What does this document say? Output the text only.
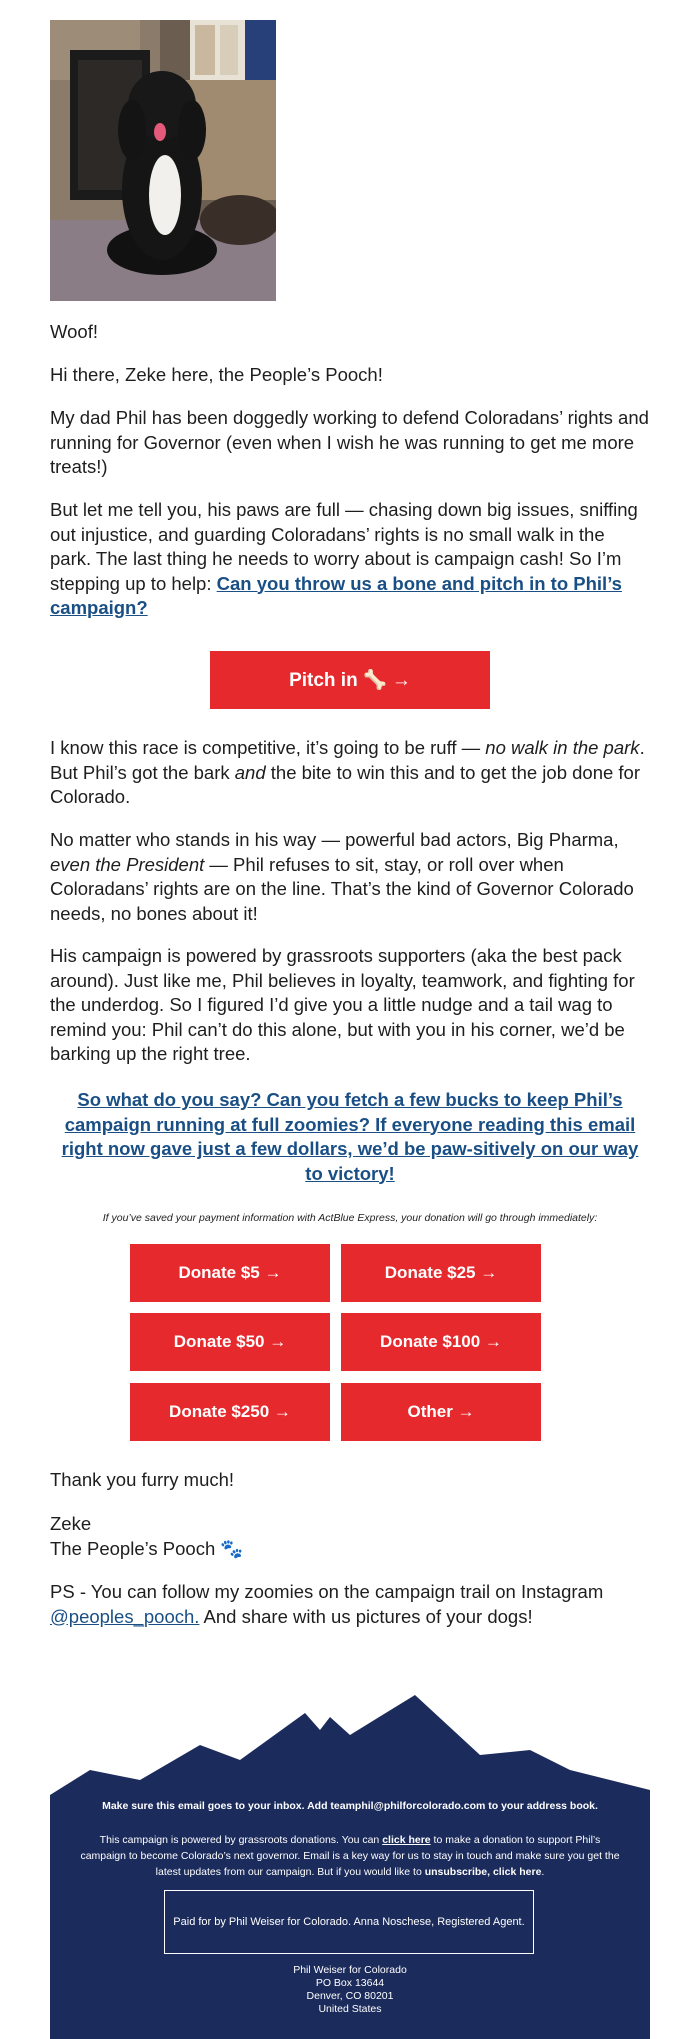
Woof!

Hi there, Zeke here, the People’s Pooch!

My dad Phil has been doggedly working to defend Coloradans’ rights and running for Governor (even when I wish he was running to get me more treats!)

But let me tell you, his paws are full — chasing down big issues, sniffing out injustice, and guarding Coloradans’ rights is no small walk in the park. The last thing he needs to worry about is campaign cash! So I’m stepping up to help: Can you throw us a bone and pitch in to Phil’s campaign?

Pitch in 🦴 →

I know this race is competitive, it’s going to be ruff — no walk in the park. But Phil’s got the bark and the bite to win this and to get the job done for Colorado.

No matter who stands in his way — powerful bad actors, Big Pharma, even the President — Phil refuses to sit, stay, or roll over when Coloradans’ rights are on the line. That’s the kind of Governor Colorado needs, no bones about it!

His campaign is powered by grassroots supporters (aka the best pack around). Just like me, Phil believes in loyalty, teamwork, and fighting for the underdog. So I figured I’d give you a little nudge and a tail wag to remind you: Phil can’t do this alone, but with you in his corner, we’d be barking up the right tree.

So what do you say? Can you fetch a few bucks to keep Phil’s campaign running at full zoomies? If everyone reading this email right now gave just a few dollars, we’d be paw-sitively on our way to victory!

If you’ve saved your payment information with ActBlue Express, your donation will go through immediately:

Donate $5 →	Donate $25 →
Donate $50 →	Donate $100 →
Donate $250 →	Other →

Thank you furry much!

Zeke

The People’s Pooch 🐾

PS - You can follow my zoomies on the campaign trail on Instagram @peoples_pooch. And share with us pictures of your dogs!

Make sure this email goes to your inbox. Add teamphil@philforcolorado.com to your address book.
This campaign is powered by grassroots donations. You can click here to make a donation to support Phil’s campaign to become Colorado’s next governor. Email is a key way for us to stay in touch and make sure you get the latest updates from our campaign. But if you would like to unsubscribe, click here.
Paid for by Phil Weiser for Colorado. Anna Noschese, Registered Agent.
Phil Weiser for Colorado
PO Box 13644
Denver, CO 80201
United States
